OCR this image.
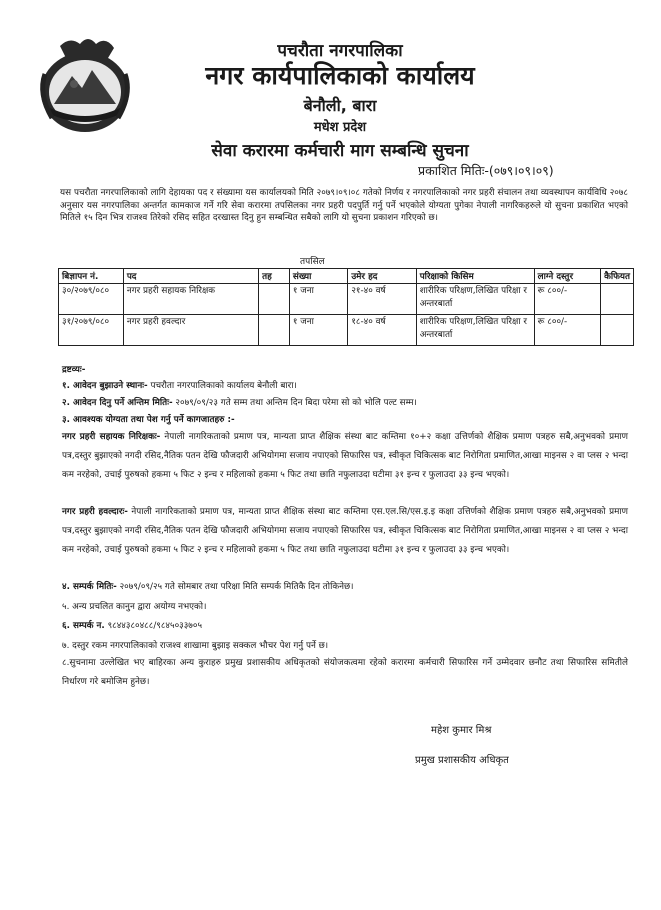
पचरौता नगरपालिका
नगर कार्यपालिकाको कार्यालय
बेनौली, बारा
मधेश प्रदेश
सेवा करारमा कर्मचारी माग सम्बन्धि सुचना
प्रकाशित मितिः-(०७९।०९।०९)
यस पचरौता नगरपालिकाको लागि देहायका पद र संख्यामा यस कार्यालयको मिति २०७९।०९।०८ गतेको निर्णय र नगरपालिकाको नगर प्रहरी संचालन तथा व्यवस्थापन कार्यविधि २०७८ अनुसार यस नगरपालिका अन्तर्गत कामकाज गर्ने गरि सेवा करारमा तपसिलका नगर प्रहरी पदपुर्ति गर्नु पर्ने भएकोले योग्यता पुगेका नेपाली नागरिकहरुले यो सुचना प्रकाशित भएको मितिले १५ दिन भित्र राजश्व तिरेको रसिद सहित दरखास्त दिनु हुन सम्बन्धित सबैको लागि यो सुचना प्रकाशन गरिएको छ।
तपसिल
बिज्ञापन नं.	पद	तह	संख्या	उमेर हद	परिक्षाको किसिम	लाग्ने दस्तुर	कैफियत
३०/२०७९/०८०	नगर प्रहरी सहायक निरिक्षक		१ जना	२१-४० वर्ष	शारीरिक परिक्षण,लिखित परिक्षा र अन्तरबार्ता	रू ८००/-	
३१/२०७९/०८०	नगर प्रहरी हवल्दार		१ जना	१८-४० वर्ष	शारीरिक परिक्षण,लिखित परिक्षा र अन्तरबार्ता	रू ८००/-	
द्रष्टव्यः-
१. आवेदन बुझाउने स्थानः- पचरौता नगरपालिकाको कार्यालय बेनौली बारा।
२. आवेदन दिनु पर्ने अन्तिम मितिः- २०७९/०९/२३ गते सम्म तथा अन्तिम दिन बिदा परेमा सो को भोलि पल्ट सम्म।
३. आवश्यक योग्यता तथा पेश गर्नु पर्ने कागजातहरु :-
नगर प्रहरी सहायक निरिक्षकः- नेपाली नागरिकताको प्रमाण पत्र, मान्यता प्राप्त शैक्षिक संस्था बाट कम्तिमा १०+२ कक्षा उत्तिर्णको शैक्षिक प्रमाण पत्रहरु सबै,अनुभवको प्रमाण पत्र,दस्तुर बुझाएको नगदी रसिद,नैतिक पतन देखि फौजदारी अभियोगमा सजाय नपाएको सिफारिस पत्र, स्वीकृत चिकित्सक बाट निरोगिता प्रमाणित,आखा माइनस २ वा प्लस २ भन्दा कम नरहेको, उचाई पुरुषको हकमा ५ फिट २ इन्च र महिलाको हकमा ५ फिट तथा छाति नफुलाउदा घटीमा ३१ इन्च र फुलाउदा ३३ इन्च भएको।
नगर प्रहरी हवल्दारः- नेपाली नागरिकताको प्रमाण पत्र, मान्यता प्राप्त शैक्षिक संस्था बाट कम्तिमा एस.एल.सि/एस.इ.इ कक्षा उत्तिर्णको शैक्षिक प्रमाण पत्रहरु सबै,अनुभवको प्रमाण पत्र,दस्तुर बुझाएको नगदी रसिद,नैतिक पतन देखि फौजदारी अभियोगमा सजाय नपाएको सिफारिस पत्र, स्वीकृत चिकित्सक बाट निरोगिता प्रमाणित,आखा माइनस २ वा प्लस २ भन्दा कम नरहेको, उचाई पुरुषको हकमा ५ फिट २ इन्च र महिलाको हकमा ५ फिट तथा छाति नफुलाउदा घटीमा ३१ इन्च र फुलाउदा ३३ इन्च भएको।
४. सम्पर्क मितिः- २०७९/०९/२५ गते सोमबार तथा परिक्षा मिति सम्पर्क मितिकै दिन तोकिनेछ।
५. अन्य प्रचलित कानुन द्वारा अयोग्य नभएको।
६. सम्पर्क न. ९८४४३८०४८८/९८४५०३३७०५
७. दस्तुर रकम नगरपालिकाको राजश्व शाखामा बुझाइ सक्कल भौचर पेश गर्नु पर्ने छ।
८.सुचनामा उल्लेखित भए बाहिरका अन्य कुराहरु प्रमुख प्रशासकीय अधिकृतको संयोजकत्वमा रहेको करारमा कर्मचारी सिफारिस गर्ने उम्मेदवार छनौट तथा सिफारिस समितीले निर्धारण गरे बमोजिम हुनेछ।
महेश कुमार मिश्र
प्रमुख प्रशासकीय अधिकृत
